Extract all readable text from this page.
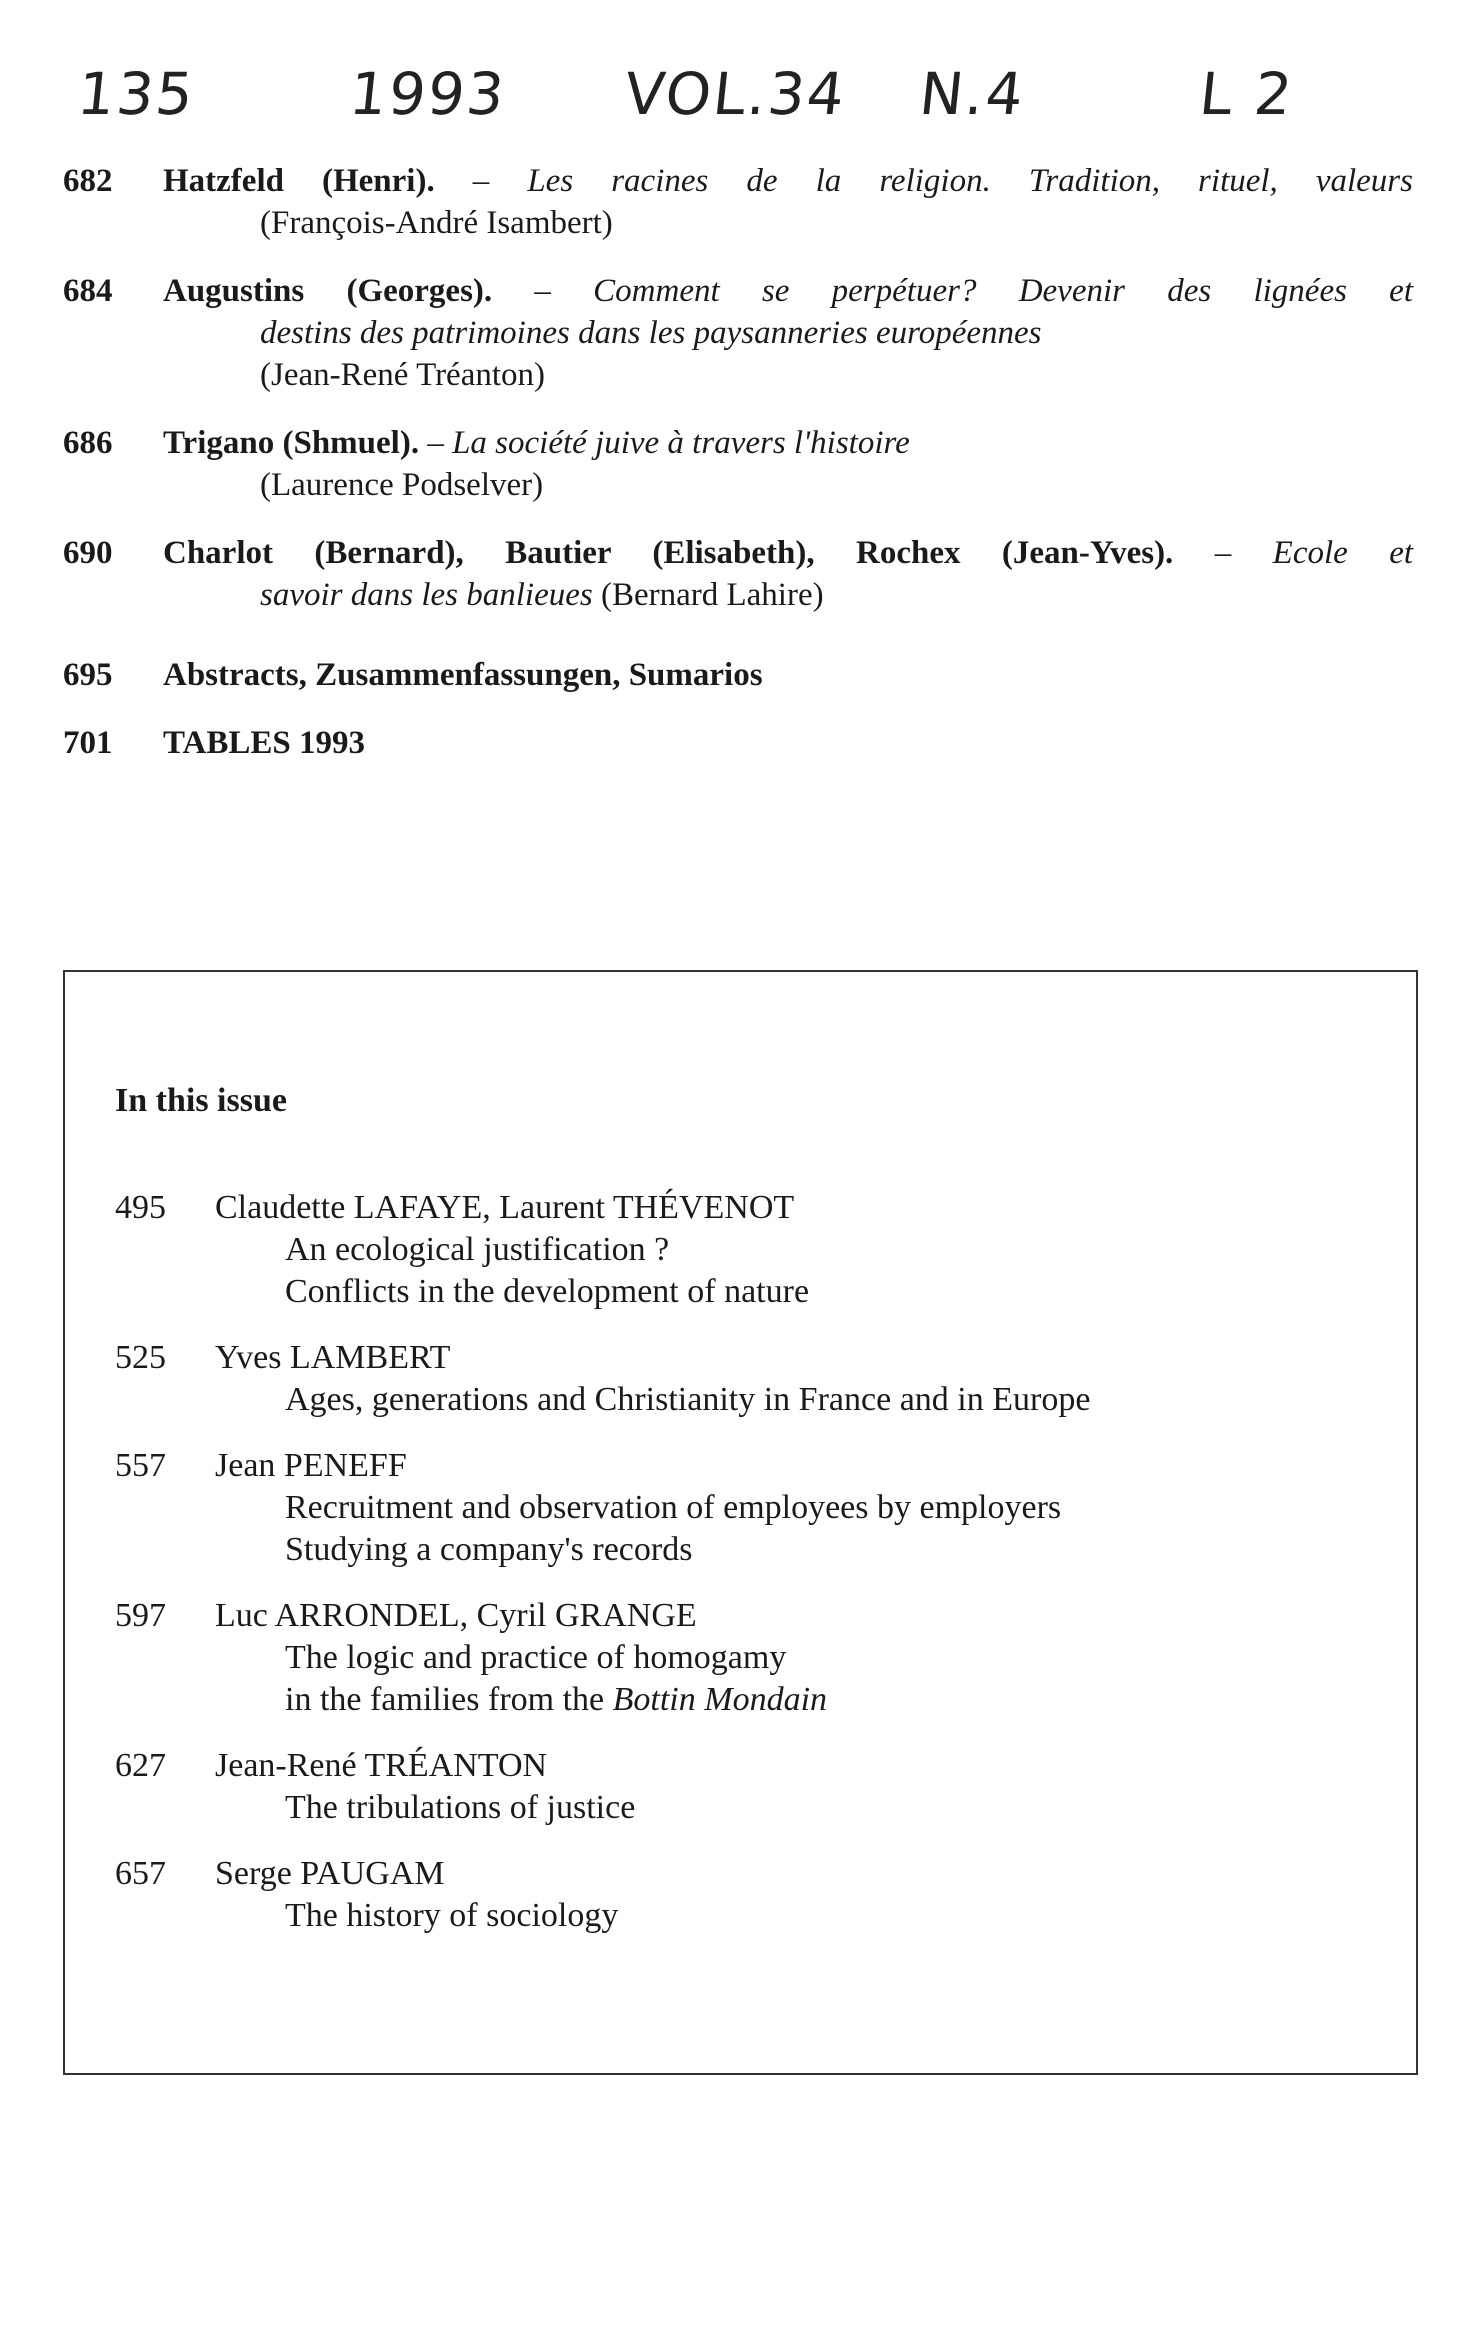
135	1993 VOL.34 N.4	L 2
682	Hatzfeld (Henri). – Les racines de la religion. Tradition, rituel, valeurs
(François-André Isambert)
684	Augustins (Georges). – Comment se perpétuer? Devenir des lignées et
destins des patrimoines dans les paysanneries européennes
(Jean-René Tréanton)
686	Trigano (Shmuel). – La société juive à travers l'histoire
(Laurence Podselver)
690	Charlot (Bernard), Bautier (Elisabeth), Rochex (Jean-Yves). – Ecole et
savoir dans les banlieues (Bernard Lahire)
695	Abstracts, Zusammenfassungen, Sumarios
701	TABLES 1993
In this issue
495	Claudette LAFAYE, Laurent THÉVENOT
An ecological justification ?
Conflicts in the development of nature
525	Yves LAMBERT
Ages, generations and Christianity in France and in Europe
557	Jean PENEFF
Recruitment and observation of employees by employers
Studying a company's records
597	Luc ARRONDEL, Cyril GRANGE
The logic and practice of homogamy
in the families from the Bottin Mondain
627	Jean-René TRÉANTON
The tribulations of justice
657	Serge PAUGAM
The history of sociology
